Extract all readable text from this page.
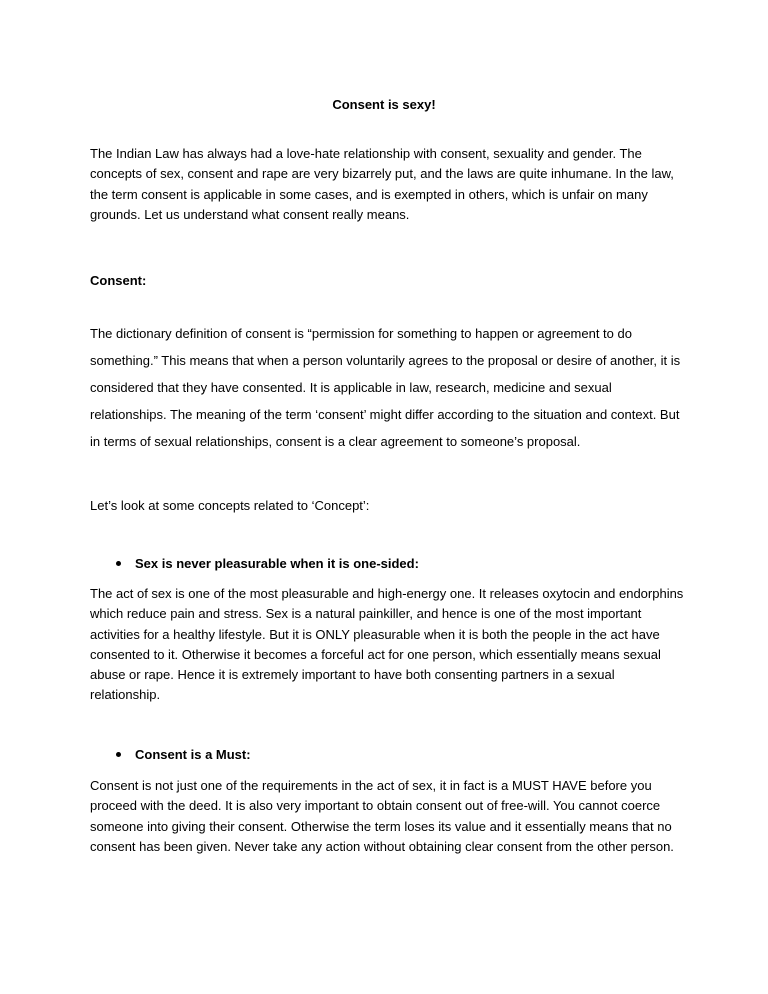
Consent is sexy!

The Indian Law has always had a love-hate relationship with consent, sexuality and gender. The concepts of sex, consent and rape are very bizarrely put, and the laws are quite inhumane. In the law, the term consent is applicable in some cases, and is exempted in others, which is unfair on many grounds. Let us understand what consent really means.

Consent:

The dictionary definition of consent is “permission for something to happen or agreement to do something.” This means that when a person voluntarily agrees to the proposal or desire of another, it is considered that they have consented. It is applicable in law, research, medicine and sexual relationships. The meaning of the term ‘consent’ might differ according to the situation and context. But in terms of sexual relationships, consent is a clear agreement to someone’s proposal.

Let’s look at some concepts related to ‘Concept’:

Sex is never pleasurable when it is one-sided:

The act of sex is one of the most pleasurable and high-energy one. It releases oxytocin and endorphins which reduce pain and stress. Sex is a natural painkiller, and hence is one of the most important activities for a healthy lifestyle. But it is ONLY pleasurable when it is both the people in the act have consented to it. Otherwise it becomes a forceful act for one person, which essentially means sexual abuse or rape. Hence it is extremely important to have both consenting partners in a sexual relationship.

Consent is a Must:

Consent is not just one of the requirements in the act of sex, it in fact is a MUST HAVE before you proceed with the deed. It is also very important to obtain consent out of free-will. You cannot coerce someone into giving their consent. Otherwise the term loses its value and it essentially means that no consent has been given. Never take any action without obtaining clear consent from the other person.
